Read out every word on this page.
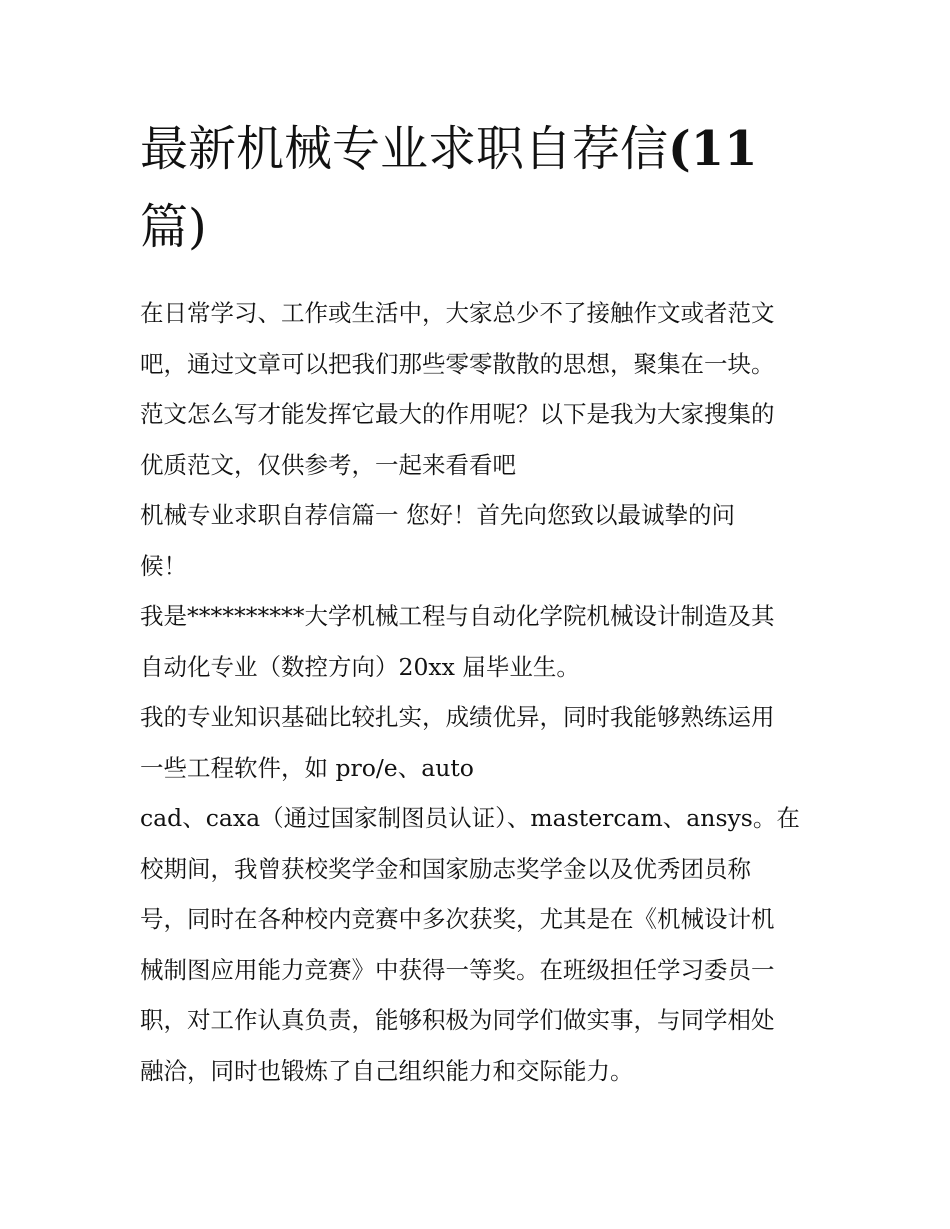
最新机械专业求职自荐信(11
篇)

在日常学习、工作或生活中，大家总少不了接触作文或者范文
吧，通过文章可以把我们那些零零散散的思想，聚集在一块。
范文怎么写才能发挥它最大的作用呢？以下是我为大家搜集的
优质范文，仅供参考，一起来看看吧

机械专业求职自荐信篇一 您好！首先向您致以最诚挚的问
候！

我是**********大学机械工程与自动化学院机械设计制造及其
自动化专业（数控方向）20xx 届毕业生。

我的专业知识基础比较扎实，成绩优异，同时我能够熟练运用
一些工程软件，如 pro/e、auto

cad、caxa（通过国家制图员认证）、mastercam、ansys。在
校期间，我曾获校奖学金和国家励志奖学金以及优秀团员称
号，同时在各种校内竞赛中多次获奖，尤其是在《机械设计机
械制图应用能力竞赛》中获得一等奖。在班级担任学习委员一
职，对工作认真负责，能够积极为同学们做实事，与同学相处
融洽，同时也锻炼了自己组织能力和交际能力。
